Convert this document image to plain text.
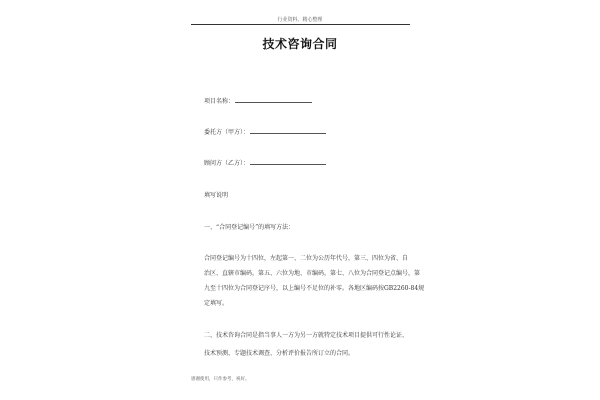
行业资料、精心整理
技术咨询合同
项目名称：
委托方（甲方）：
顾问方（乙方）：
填写说明
一、“合同登记编号”的填写方法：
合同登记编号为十四位，左起第一、二位为公历年代号，第三、四位为省、自
治区、直辖市编码，第五、六位为地、市编码，第七、八位为合同登记点编号，第
九至十四位为合同登记序号，以上编号不足位的补零。各地区编码按GB2260-84规
定填写。
二、技术咨询合同是指当事人一方为另一方就特定技术项目提供可行性论证、
技术预测、专题技术调查、分析评价报告所订立的合同。
感谢使用，只作参考，祝好。
